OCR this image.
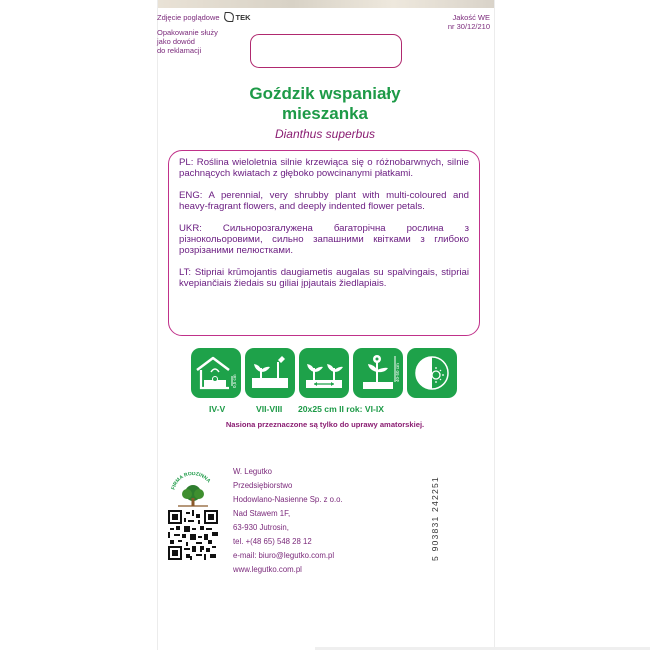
Zdjęcie poglądowe TEK
Opakowanie służy
jako dowód
do reklamacji
Jakość WE
nr 30/12/210
Goździk wspaniały
mieszanka
Dianthus superbus

PL: Roślina wieloletnia silnie krzewiąca się o różnobarwnych, silnie pachnących kwiatach z głęboko powcinanymi płatkami.

ENG: A perennial, very shrubby plant with multi-coloured and heavy-fragrant flowers, and deeply indented flower petals.

UKR: Сильнорозгалужена багаторічна рослина з різнокольоровими, сильно запашними квітками з глибоко розрізаними пелюстками.

LT: Stipriai krūmojantis daugiametis augalas su spalvingais, stipriai kvepiančiais žiedais su giliai įpjautais žiedlapiais.

0,5 cm	40-50 cm
IV-V	VII-VIII 20x25 cm II rok: VI-IX
Nasiona przeznaczone są tylko do uprawy amatorskiej.
FIRMA RODZINNA
W. Legutko
Przedsiębiorstwo
Hodowlano-Nasienne Sp. z o.o.
Nad Stawem 1F,
63-930 Jutrosin,
tel. +(48 65) 548 28 12
e-mail: biuro@legutko.com.pl
www.legutko.com.pl
5 903831 242251
